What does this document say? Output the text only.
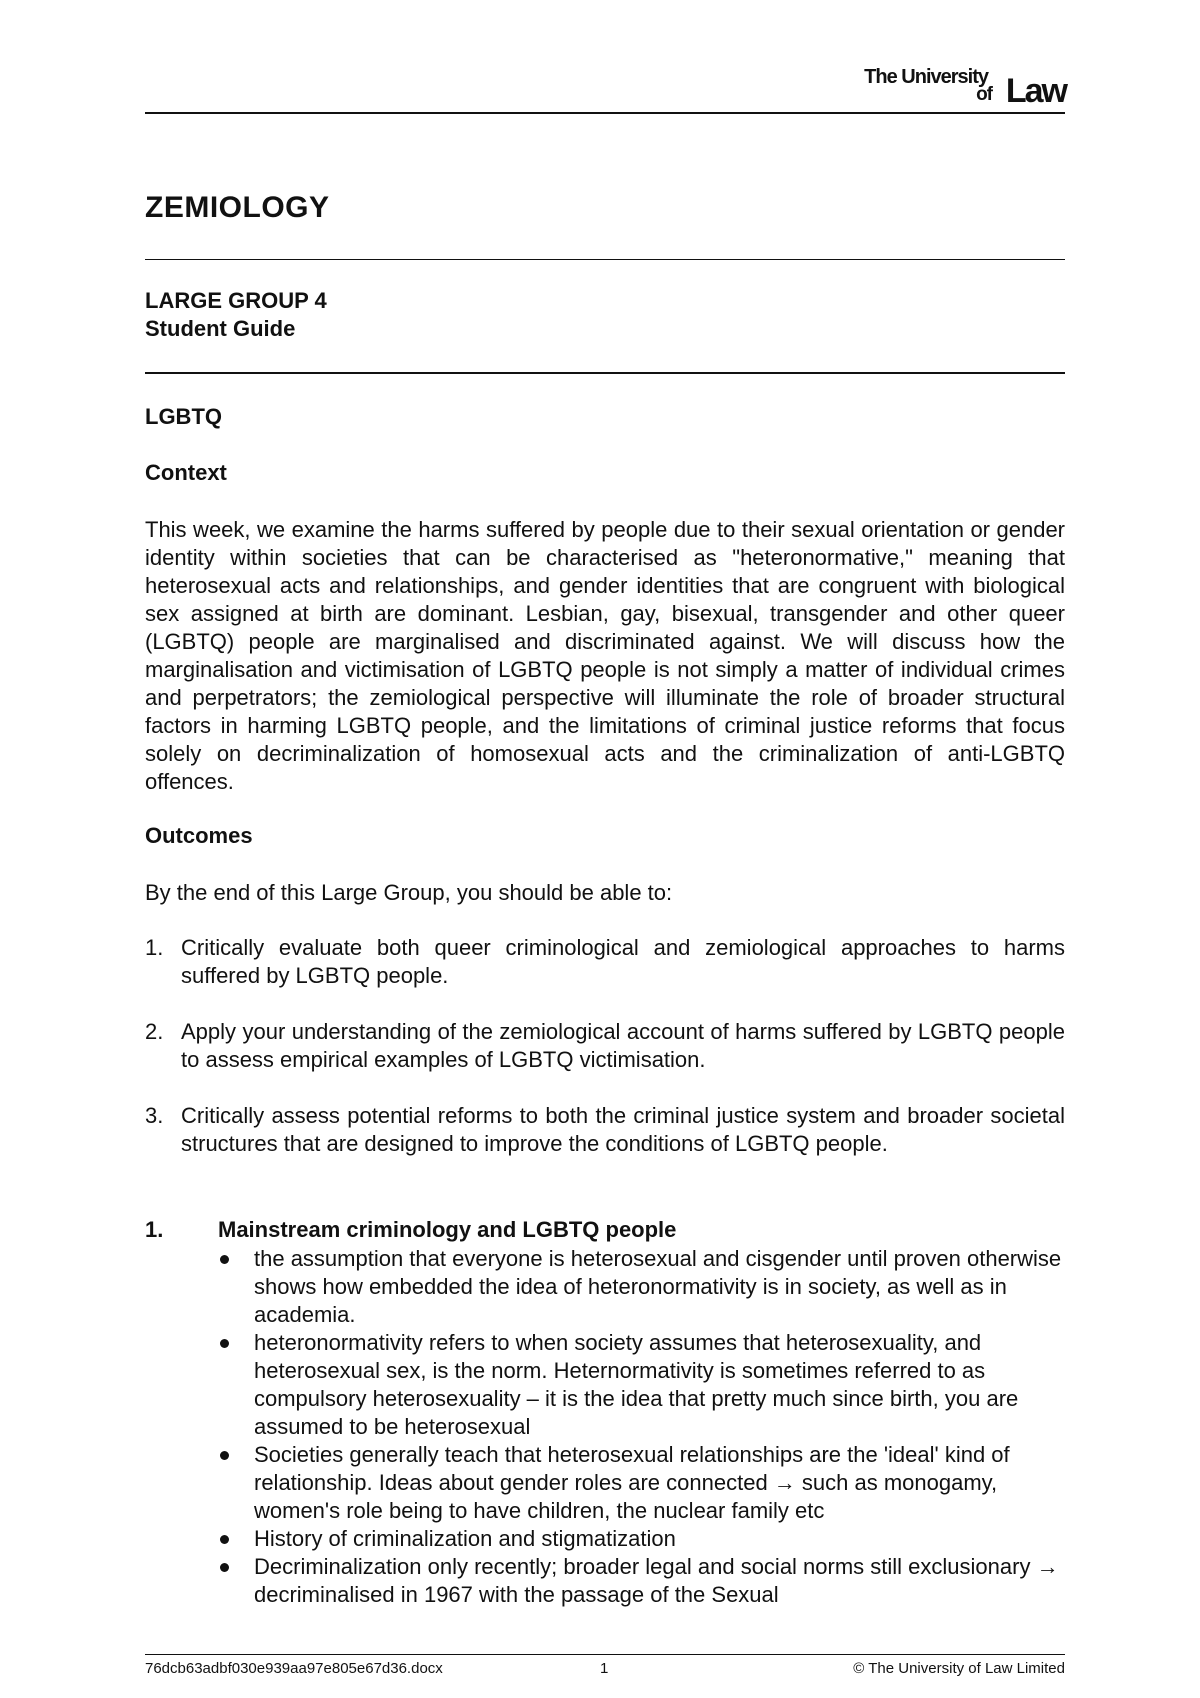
The University
of Law
ZEMIOLOGY
LARGE GROUP 4
Student Guide
LGBTQ
Context
This week, we examine the harms suffered by people due to their sexual orientation or gender identity within societies that can be characterised as "heteronormative," meaning that heterosexual acts and relationships, and gender identities that are congruent with biological sex assigned at birth are dominant. Lesbian, gay, bisexual, transgender and other queer (LGBTQ) people are marginalised and discriminated against. We will discuss how the marginalisation and victimisation of LGBTQ people is not simply a matter of individual crimes and perpetrators; the zemiological perspective will illuminate the role of broader structural factors in harming LGBTQ people, and the limitations of criminal justice reforms that focus solely on decriminalization of homosexual acts and the criminalization of anti-LGBTQ offences.
Outcomes
By the end of this Large Group, you should be able to:
1. Critically evaluate both queer criminological and zemiological approaches to harms suffered by LGBTQ people.
2. Apply your understanding of the zemiological account of harms suffered by LGBTQ people to assess empirical examples of LGBTQ victimisation.
3. Critically assess potential reforms to both the criminal justice system and broader societal structures that are designed to improve the conditions of LGBTQ people.
1. Mainstream criminology and LGBTQ people
the assumption that everyone is heterosexual and cisgender until proven otherwise shows how embedded the idea of heteronormativity is in society, as well as in academia.
heteronormativity refers to when society assumes that heterosexuality, and heterosexual sex, is the norm. Heternormativity is sometimes referred to as compulsory heterosexuality – it is the idea that pretty much since birth, you are assumed to be heterosexual
Societies generally teach that heterosexual relationships are the 'ideal' kind of relationship. Ideas about gender roles are connected → such as monogamy, women's role being to have children, the nuclear family etc
History of criminalization and stigmatization
Decriminalization only recently; broader legal and social norms still exclusionary → decriminalised in 1967 with the passage of the Sexual
76dcb63adbf030e939aa97e805e67d36.docx	1	© The University of Law Limited
